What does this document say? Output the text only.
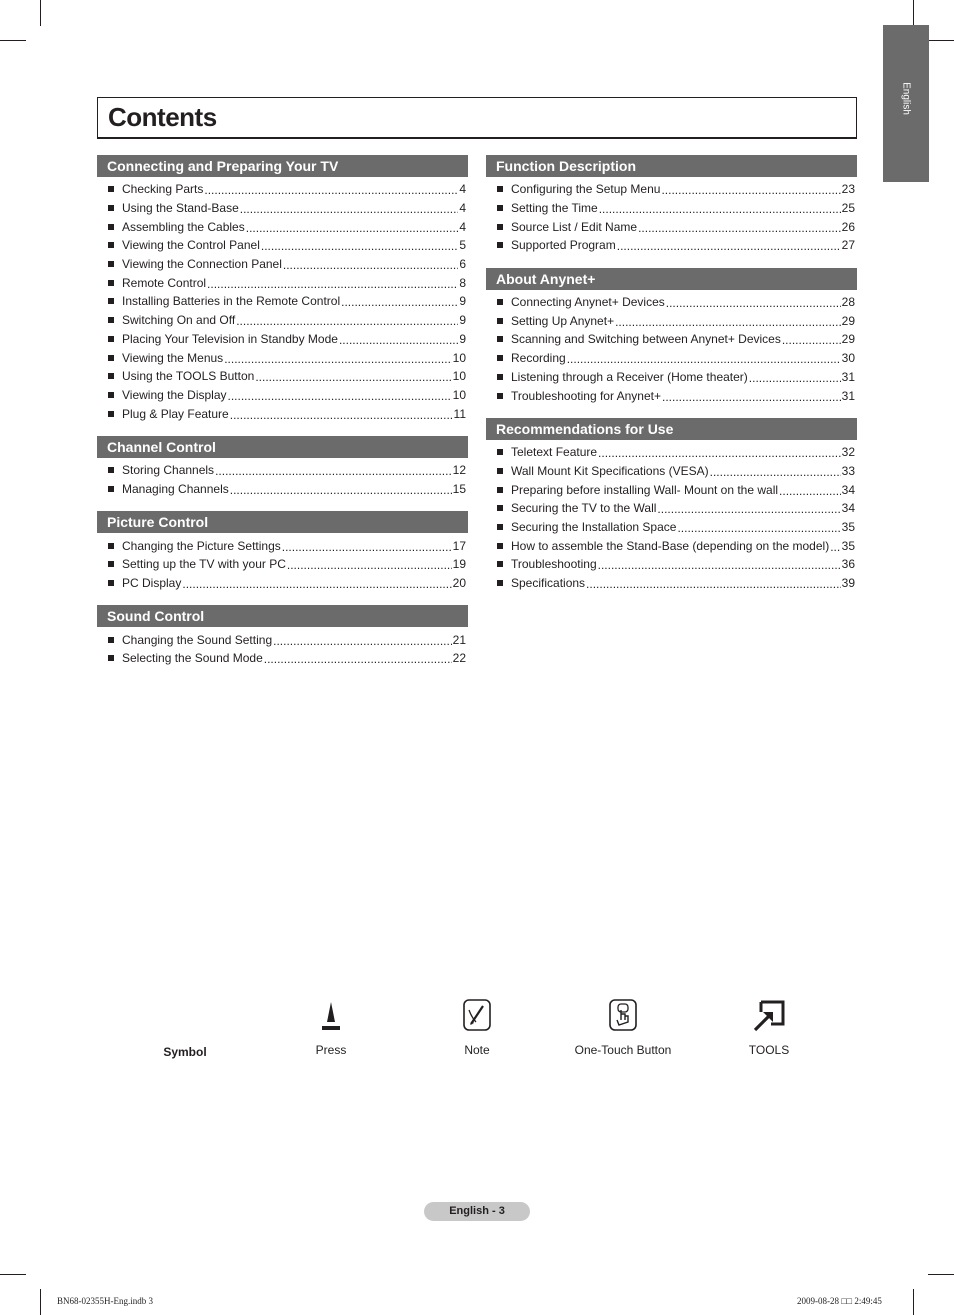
English
Contents
Connecting and Preparing Your TV
Checking Parts .....	4
Using the Stand-Base .....	4
Assembling the Cables .....	4
Viewing the Control Panel .....	5
Viewing the Connection Panel .....	6
Remote Control .....	8
Installing Batteries in the Remote Control .....	9
Switching On and Off .....	9
Placing Your Television in Standby Mode .....	9
Viewing the Menus .....	10
Using the TOOLS Button .....	10
Viewing the Display .....	10
Plug & Play Feature .....	11
Channel Control
Storing Channels .....	12
Managing Channels .....	15
Picture Control
Changing the Picture Settings .....	17
Setting up the TV with your PC .....	19
PC Display .....	20
Sound Control
Changing the Sound Setting .....	21
Selecting the Sound Mode .....	22
Function Description
Configuring the Setup Menu .....	23
Setting the Time .....	25
Source List / Edit Name .....	26
Supported Program .....	27
About Anynet+
Connecting Anynet+ Devices .....	28
Setting Up Anynet+ .....	29
Scanning and Switching between Anynet+ Devices .....	29
Recording .....	30
Listening through a Receiver (Home theater) .....	31
Troubleshooting for Anynet+ .....	31
Recommendations for Use
Teletext Feature .....	32
Wall Mount Kit Specifications (VESA) .....	33
Preparing before installing Wall- Mount on the wall .....	34
Securing the TV to the Wall .....	34
Securing the Installation Space .....	35
How to assemble the Stand-Base (depending on the model) ..... 35
Troubleshooting .....	36
Specifications .....	39
Symbol	Press	Note	One-Touch Button	TOOLS
English - 3
BN68-02355H-Eng.indb 3	2009-08-28 □□ 2:49:45
